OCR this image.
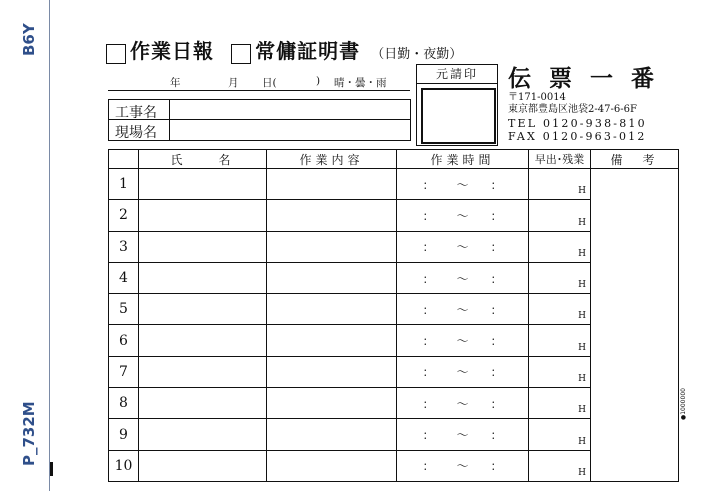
B6Y
P_732M
作業日報 常傭証明書 （日勤・夜勤）
年	月 日(	) 晴・曇・雨
工事名
現場名
元請印	伝票一番
〒171-0014
東京都豊島区池袋2-47-6-6F
TEL 0120-938-810
FAX 0120-963-012
	氏　　名	作業内容	作業時間	早出･残業	備　考
1			： 〜 ：	H	
2			： 〜 ：	H	
3			： 〜 ：	H	
4			： 〜 ：	H	
5			： 〜 ：	H	
6			： 〜 ：	H	
7			： 〜 ：	H	
8			： 〜 ：	H	
9			： 〜 ：	H	
10			： 〜 ：	H	
●1000000
